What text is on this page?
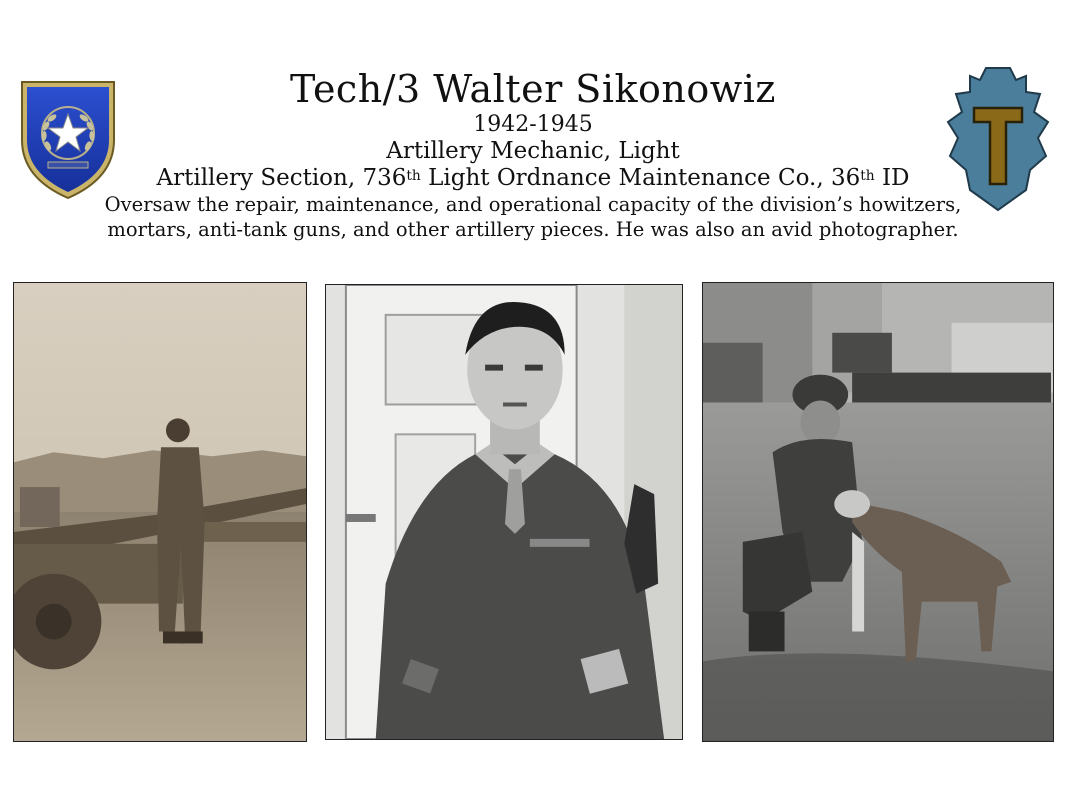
Tech/3 Walter Sikonowiz

1942-1945

Artillery Mechanic, Light

Artillery Section, 736th Light Ordnance Maintenance Co., 36th ID

Oversaw the repair, maintenance, and operational capacity of the division’s howitzers,

mortars, anti-tank guns, and other artillery pieces. He was also an avid photographer.
